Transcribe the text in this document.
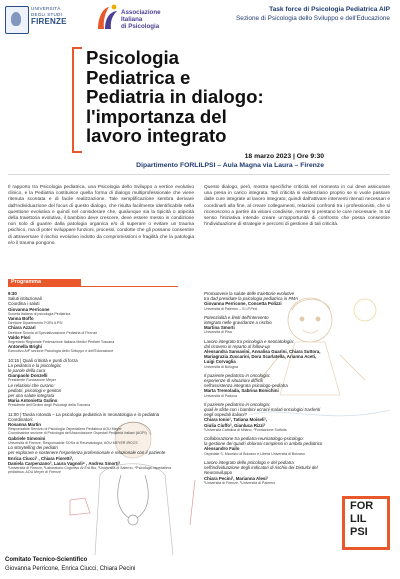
UNIVERSITÀ
DEGLI STUDI
FIRENZE
Associazione
Italiana
di Psicologia
Task force di Psicologia Pediatrica AIP
Sezione di Psicologia dello Sviluppo e dell'Educazione
Psicologia
Pediatrica e
Pediatria in dialogo:
l'importanza del
lavoro integrato
18 marzo 2023 | Ore 9:30
Dipartimento FORLILPSI – Aula Magna via Laura – Firenze
Il rapporto tra Psicologia pediatrica, una Psicologia dello Sviluppo a vertice evolutivo clinico, e la Pediatria costituisce quella forma di dialogo multiprofessionale che viene ritenuta scontata e di facile realizzazione. Tale semplificazione sembra derivare dall'individuazione del focus di questo dialogo, che risulta facilmente identificabile nella questione evolutiva e quindi nel considerare che, qualunque sia la tipicità o atipicità della traiettoria evolutiva, il bambino deve crescere, deve essere messo in condizione non solo di guarire dalla patologia organica e/o di superare o evitare un trauma psichico, ma di poter sviluppare funzioni, processi, condotte che gli possano consentire di attraversare il rischio evolutivo indotto da compromissioni e fragilità che la patologia e/o il trauma pongono.
Questo dialogo, però, mostra specifiche criticità nel momento in cui deve assicurare una presa in carico integrata. Tali criticità si evidenziano proprio se si vuole passare dalle cure integrate al lavoro integrato; quindi dall'attivare interventi ritenuti necessari e coordinarli alla fine, al creare collegamenti, relazioni confronti tra i professionisti, che si riconoscono a partire da visioni condivise, mentre si prestano le cure necessarie. In tal senso l'iniziativa intende creare un'opportunità di confronto che possa consentire l'individuazione di strategie e percorsi di gestione di tali criticità.
Programma
9:30
Saluti istituzionali
Coordina i saluti
Giovanna Perricone
Società Italiana di psicologia Pediatrica
Vanna Boffo
Direttore Dipartimento FORLILPSI
Chiara Azzari
Direttore Scuola di Specializzazione Pediatria di Firenze
Valdo Flori
Segretario Regionale Federazione Italiana Medici Pediatri Toscana
Antonella Brighi
Esecutivo AIP sezione Psicologia dello Sviluppo e dell'Educazione
10:15 | Quali criticità e punti di forza
La pediatria e la psicologia:
le parole della cura
Gianpaolo Donzelli
Presidente Fondazione Meyer
Le relazioni che curano:
pediatri, psicologi e genitori
per una salute integrata
Maria Antonietta Gulino
Presidente dell'Ordine degli Psicologi della Toscana
11:00 | Tavola rotonda – La psicologia pediatrica in neonatologia e in pediatria
Coordinatori:
Rosanna Martin
Responsabile Servizio di Psicologia Ospedaliera Pediatrica AOU Meyer
Coordinatrice sezione di Psicologia dell'Associazione Ospedali Pediatrici Italiani (AOPI)
Gabriele Simonini
Università di Firenze, Responsabile SOSa di Reumatologia, AOU MEYER IRCCS
Lo storytelling dei pediatri
per esplorare e sostenere l'esperienza professionale e relazionale con il paziente
Enrica Ciucci¹ , Chiara Fioretti²,
Daniela Carpenzano³, Laura Vagnoli⁴ , Andrea Smorti²
¹Università di Firenze, ²Laboratorio Cognitivo AnTrA Bio, ³Università di Salerno, ⁴Psicologa ospedaliera pediatrica, AOU Meyer di Firenze
Promuovere la salute delle traiettorie evolutive
tra dad presidate la psicologia pediatrica in PMA
Giovanna Perricone, Concetta Polizzi
Università di Palermo – S.I.P.Ped.
Potenzialità e limiti dell'intervento
integrato nelle gravidanze a rischio
Martina Smorti
Università di Pisa
Lavoro integrato tra psicologia e neonatologia:
dal ricovero in reparto al follow-up
Alessandra Sansavini, Annalisa Guarini, Chiara Suttora,
Mariagrazia Zuccarini, Dora Scarlatella, Arianna Aceti,
Luigi Corvaglia
Università di Bologna
Il paziente pediatrico in oncologia:
esperienze di situazioni difficili
nell'assistenza integrata psicologo-pediatra
Marta Tremolada, Sabrina Bonichini
Università di Padova
Il paziente pediatrico in oncologia:
quali le sfide con i bambini ucraini malati oncologici trasferiti
negli ospedali italiani?
Chiara Ionio¹, Tatiana Moiseli¹,
Giulia Ciuffo², Gianluca Rizzi³
¹Università Cattolica di Milano, ²Fondazione Sutfolia
Collaborazione tra pediatra-reumatologo-psicologo:
la gestione dei quadri dolorosi complessi in ambito pediatrico
Alessandro Failo
Ospedale S. Maurizio di Bolzano e Libera Università di Bolzano
Lavoro integrato dello psicologo e del pediatra
nell'individuazione degli indicatori di rischio dei Disturbi del
Neurosviluppo
Chiara Pecini¹, Marianna Alesi²
¹Università di Firenze, ²Università di Palermo
FOR
LIL
PSI
Comitato Tecnico-Scientifico
Giovanna Perricone, Enrica Ciucci, Chiara Pecini
